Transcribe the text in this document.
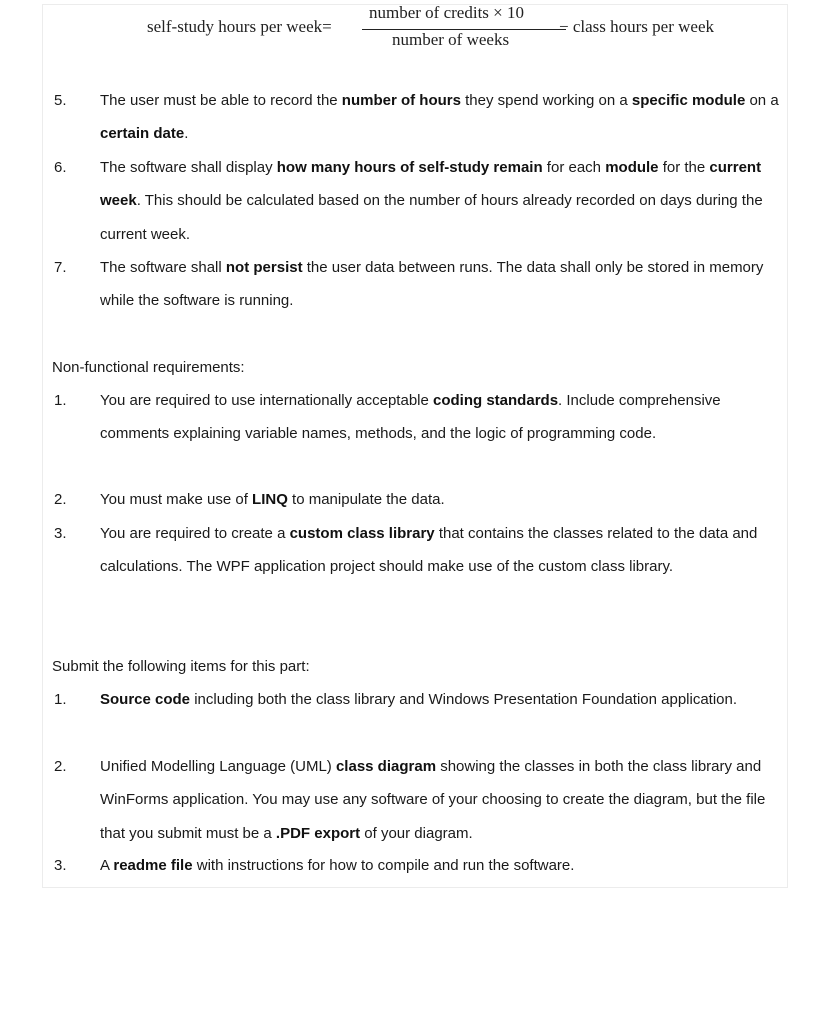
self-study hours per week=
number of credits × 10
number of weeks
− class hours per week
5.	The user must be able to record the number of hours they spend working on a specific module on a certain date.
6.	The software shall display how many hours of self-study remain for each module for the current week. This should be calculated based on the number of hours already recorded on days during the current week.
7.	The software shall not persist the user data between runs. The data shall only be stored in memory while the software is running.
Non-functional requirements:
1.	You are required to use internationally acceptable coding standards. Include comprehensive comments explaining variable names, methods, and the logic of programming code.
2.	You must make use of LINQ to manipulate the data.
3.	You are required to create a custom class library that contains the classes related to the data and calculations. The WPF application project should make use of the custom class library.
Submit the following items for this part:
1.	Source code including both the class library and Windows Presentation Foundation application.
2.	Unified Modelling Language (UML) class diagram showing the classes in both the class library and WinForms application. You may use any software of your choosing to create the diagram, but the file that you submit must be a .PDF export of your diagram.
3.	A readme file with instructions for how to compile and run the software.
